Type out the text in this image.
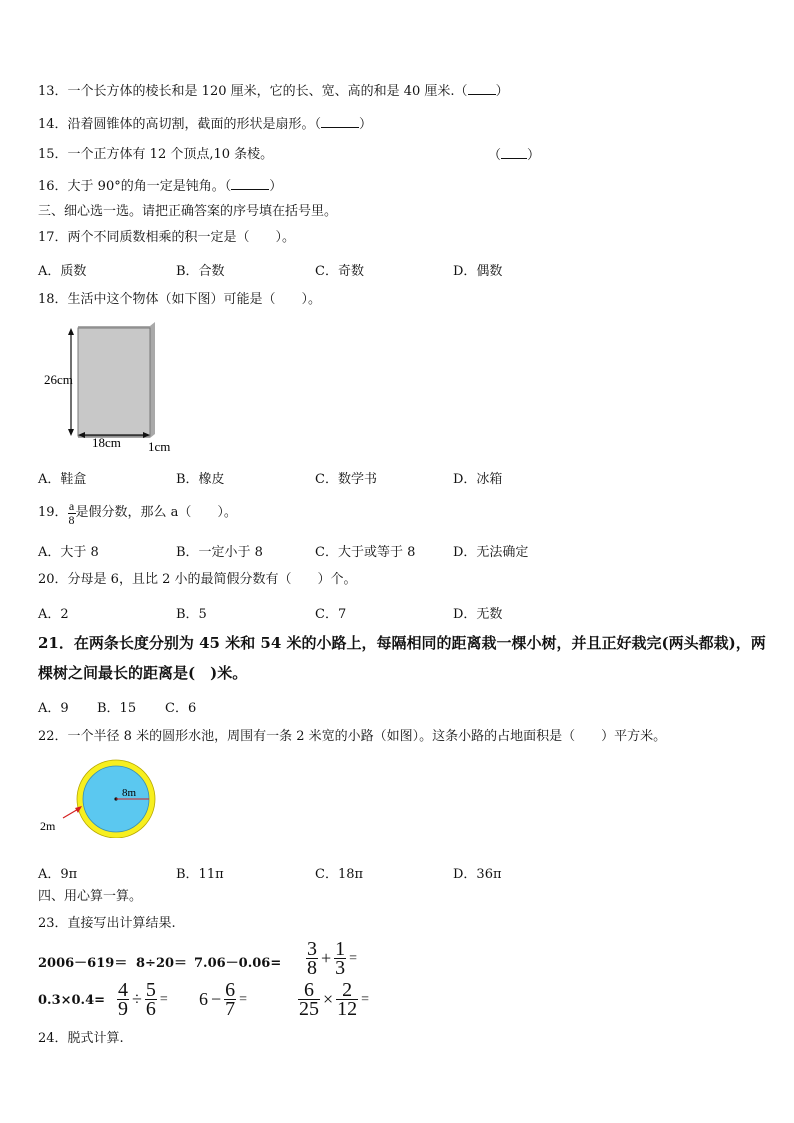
13．一个长方体的棱长和是 120 厘米，它的长、宽、高的和是 40 厘米.（ ）
14．沿着圆锥体的高切割，截面的形状是扇形。（	）
15．一个正方体有 12 个顶点,10 条棱。	（ ）
16．大于 90°的角一定是钝角。（	）
三、细心选一选。请把正确答案的序号填在括号里。
17．两个不同质数相乘的积一定是（　　）。
A．质数	B．合数	C．奇数	D．偶数
18．生活中这个物体（如下图）可能是（　　）。
26cm
18cm 1cm
A．鞋盒	B．橡皮	C．数学书	D．冰箱
19． $\frac{a}{8}$ 是假分数，那么 a（　　）。
A．大于 8	B．一定小于 8	C．大于或等于 8	D．无法确定
20．分母是 6，且比 2 小的最简假分数有（　　）个。
A．2	B．5	C．7	D．无数
21．在两条长度分别为 45 米和 54 米的小路上，每隔相同的距离栽一棵小树，并且正好栽完(两头都栽)，两棵树之间最长的距离是(　)米。
A．9 B．15 C．6
22．一个半径 8 米的圆形水池，周围有一条 2 米宽的小路（如图）。这条小路的占地面积是（　　）平方米。
8m
2m
A．9π	B．11π	C．18π	D．36π
四、用心算一算。
23．直接写出计算结果.
$2006-619= 8\div 20= 7.06-0.06= \frac{3}{8} + \frac{1}{3}$ =
$0.3\times 0.4= \frac{4}{9} \div \frac{5}{6} = 6 - \frac{6}{7}$ =	$\frac{6}{25} \times \frac{2}{12}$ =
24．脱式计算.
